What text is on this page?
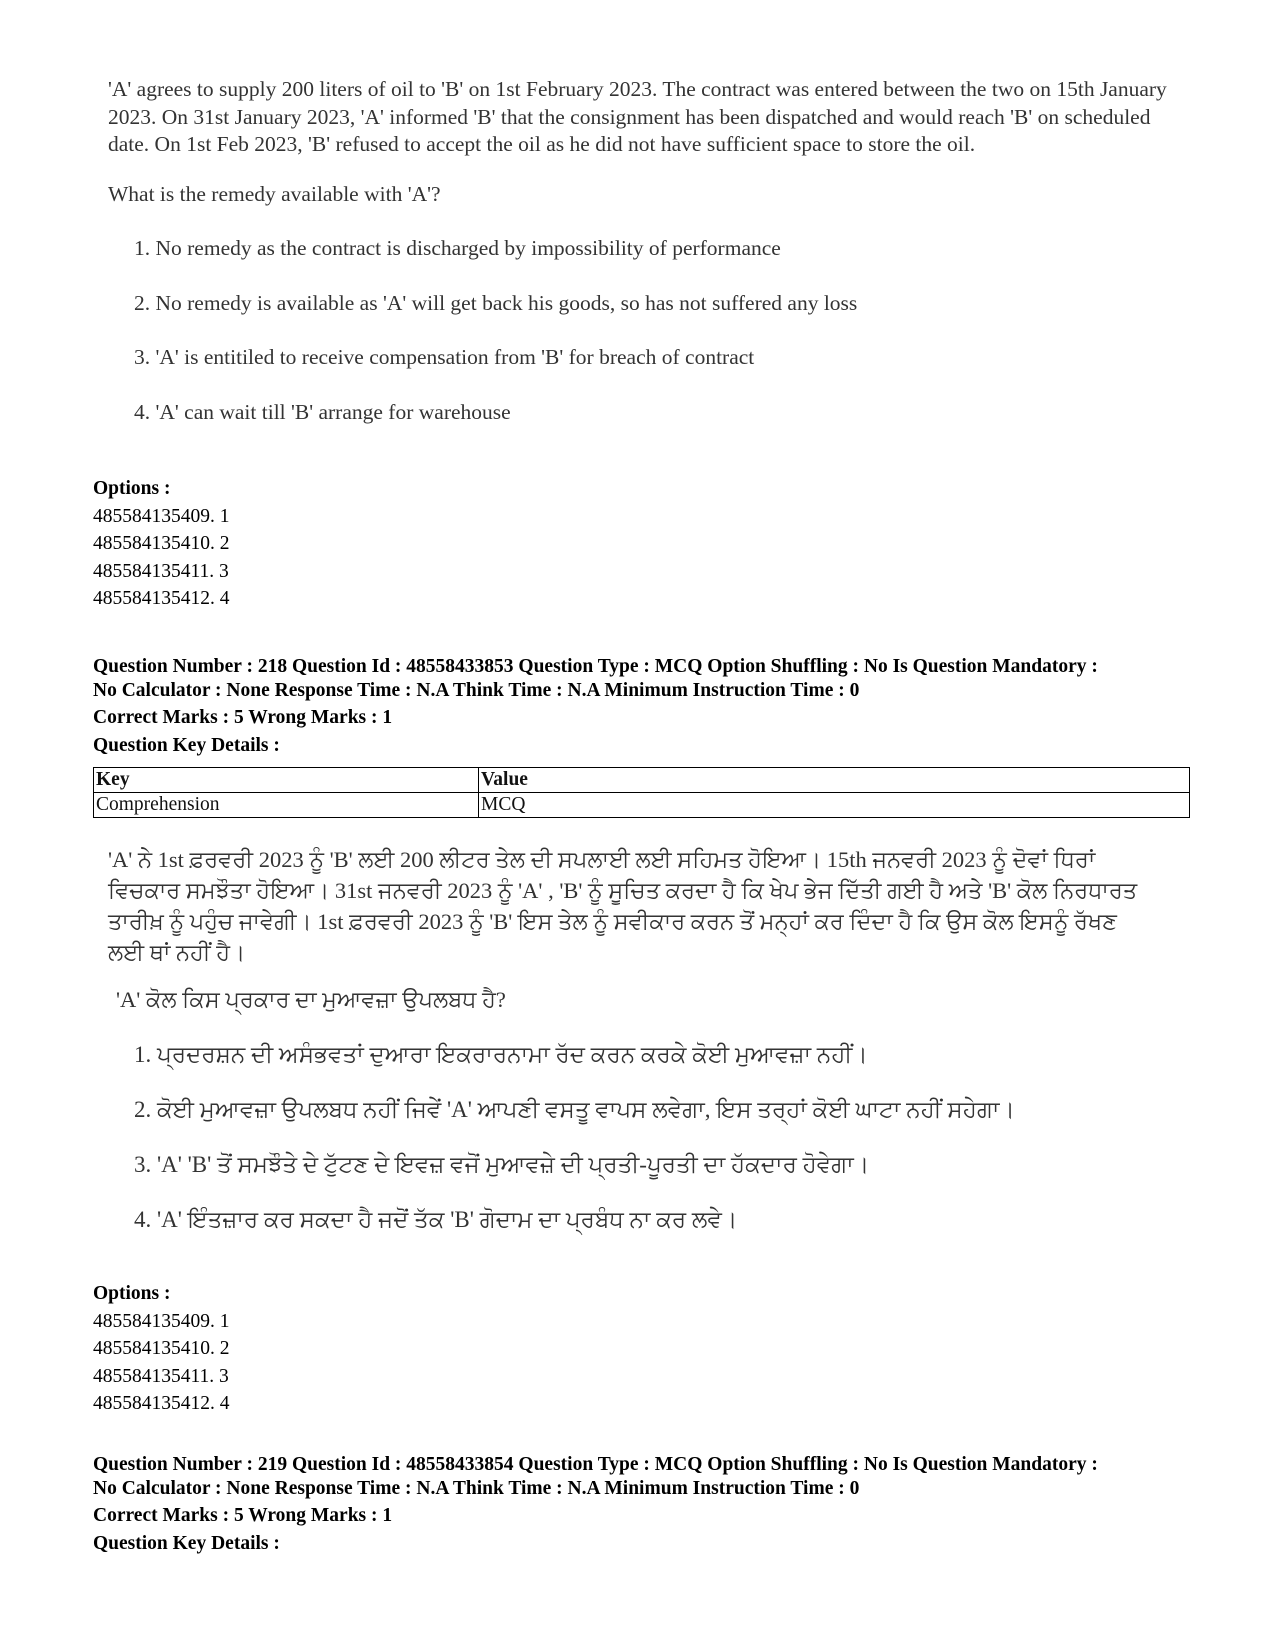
'A' agrees to supply 200 liters of oil to 'B' on 1st February 2023. The contract was entered between the two on 15th January 2023. On 31st January 2023, 'A' informed 'B' that the consignment has been dispatched and would reach 'B' on scheduled date. On 1st Feb 2023, 'B' refused to accept the oil as he did not have sufficient space to store the oil.

What is the remedy available with 'A'?

1. No remedy as the contract is discharged by impossibility of performance
2. No remedy is available as 'A' will get back his goods, so has not suffered any loss
3. 'A' is entitiled to receive compensation from 'B' for breach of contract
4. 'A' can wait till 'B' arrange for warehouse
Options :
485584135409. 1
485584135410. 2
485584135411. 3
485584135412. 4
Question Number : 218 Question Id : 48558433853 Question Type : MCQ Option Shuffling : No Is Question Mandatory :
No Calculator : None Response Time : N.A Think Time : N.A Minimum Instruction Time : 0
Correct Marks : 5 Wrong Marks : 1
Question Key Details :
Key	Value
Comprehension	MCQ

'A' ਨੇ 1st ਫ਼ਰਵਰੀ 2023 ਨੂੰ 'B' ਲਈ 200 ਲੀਟਰ ਤੇਲ ਦੀ ਸਪਲਾਈ ਲਈ ਸਹਿਮਤ ਹੋਇਆ। 15th ਜਨਵਰੀ 2023 ਨੂੰ ਦੋਵਾਂ ਧਿਰਾਂ ਵਿਚਕਾਰ ਸਮਝੌਤਾ ਹੋਇਆ। 31st ਜਨਵਰੀ 2023 ਨੂੰ 'A' , 'B' ਨੂੰ ਸੂਚਿਤ ਕਰਦਾ ਹੈ ਕਿ ਖੇਪ ਭੇਜ ਦਿੱਤੀ ਗਈ ਹੈ ਅਤੇ 'B' ਕੋਲ ਨਿਰਧਾਰਤ ਤਾਰੀਖ਼ ਨੂੰ ਪਹੁੰਚ ਜਾਵੇਗੀ। 1st ਫ਼ਰਵਰੀ 2023 ਨੂੰ 'B' ਇਸ ਤੇਲ ਨੂੰ ਸਵੀਕਾਰ ਕਰਨ ਤੋਂ ਮਨ੍ਹਾਂ ਕਰ ਦਿੰਦਾ ਹੈ ਕਿ ਉਸ ਕੋਲ ਇਸਨੂੰ ਰੱਖਣ ਲਈ ਥਾਂ ਨਹੀਂ ਹੈ।

'A' ਕੋਲ ਕਿਸ ਪ੍ਰਕਾਰ ਦਾ ਮੁਆਵਜ਼ਾ ਉਪਲਬਧ ਹੈ?

1. ਪ੍ਰਦਰਸ਼ਨ ਦੀ ਅਸੰਭਵਤਾਂ ਦੁਆਰਾ ਇਕਰਾਰਨਾਮਾ ਰੱਦ ਕਰਨ ਕਰਕੇ ਕੋਈ ਮੁਆਵਜ਼ਾ ਨਹੀਂ।
2. ਕੋਈ ਮੁਆਵਜ਼ਾ ਉਪਲਬਧ ਨਹੀਂ ਜਿਵੇਂ 'A' ਆਪਣੀ ਵਸਤੂ ਵਾਪਸ ਲਵੇਗਾ, ਇਸ ਤਰ੍ਹਾਂ ਕੋਈ ਘਾਟਾ ਨਹੀਂ ਸਹੇਗਾ।
3. 'A' 'B' ਤੋਂ ਸਮਝੌਤੇ ਦੇ ਟੁੱਟਣ ਦੇ ਇਵਜ਼ ਵਜੋਂ ਮੁਆਵਜ਼ੇ ਦੀ ਪ੍ਰਤੀ-ਪੂਰਤੀ ਦਾ ਹੱਕਦਾਰ ਹੋਵੇਗਾ।
4. 'A' ਇੰਤਜ਼ਾਰ ਕਰ ਸਕਦਾ ਹੈ ਜਦੋਂ ਤੱਕ 'B' ਗੋਦਾਮ ਦਾ ਪ੍ਰਬੰਧ ਨਾ ਕਰ ਲਵੇ।
Options :
485584135409. 1
485584135410. 2
485584135411. 3
485584135412. 4
Question Number : 219 Question Id : 48558433854 Question Type : MCQ Option Shuffling : No Is Question Mandatory :
No Calculator : None Response Time : N.A Think Time : N.A Minimum Instruction Time : 0
Correct Marks : 5 Wrong Marks : 1
Question Key Details :
